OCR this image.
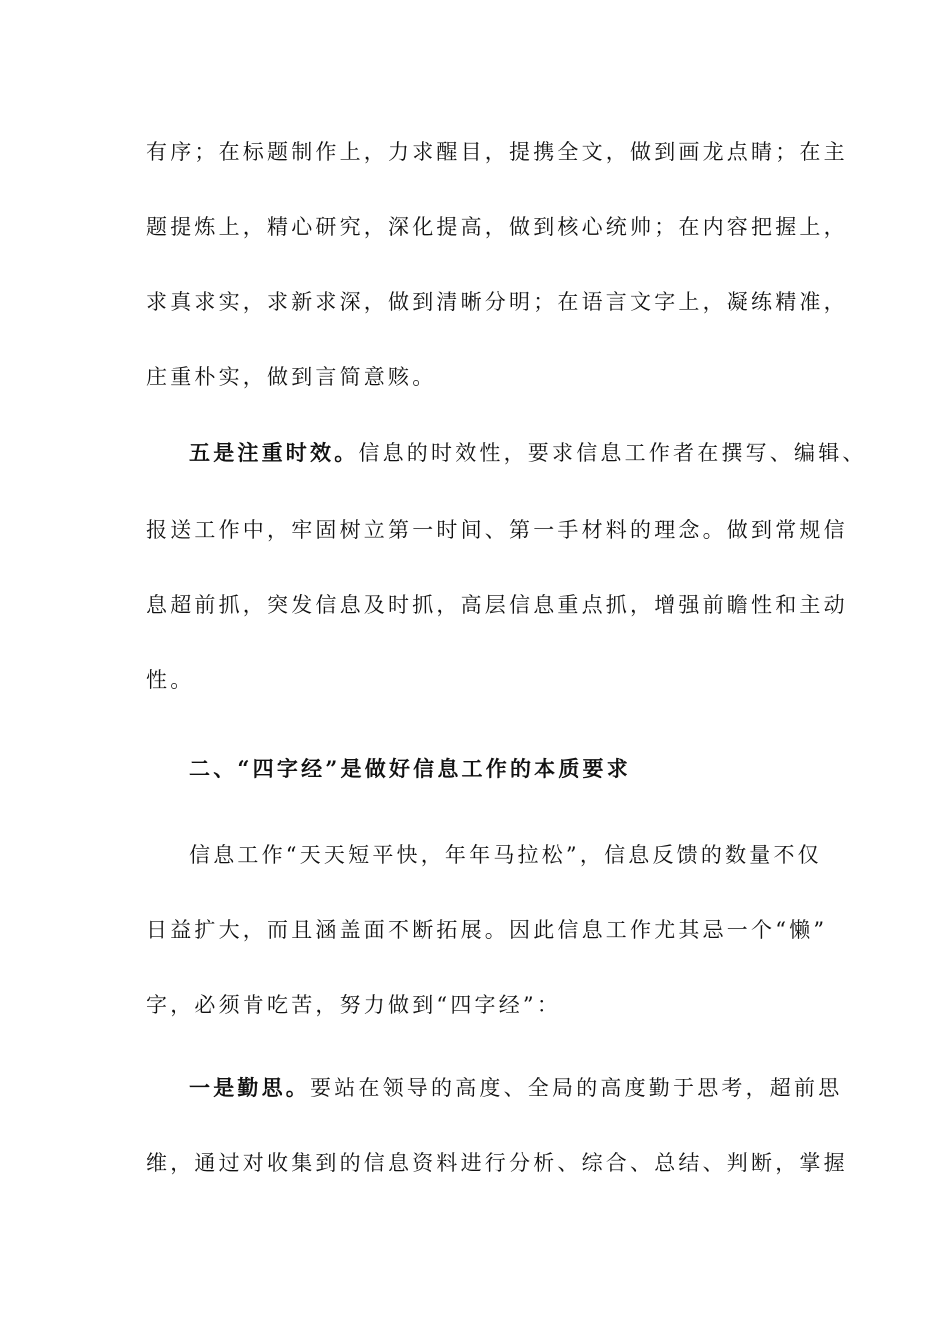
有序；在标题制作上，力求醒目，提携全文，做到画龙点睛；在主
题提炼上，精心研究，深化提高，做到核心统帅；在内容把握上，
求真求实，求新求深，做到清晰分明；在语言文字上，凝练精准，
庄重朴实，做到言简意赅。
五是注重时效。信息的时效性，要求信息工作者在撰写、编辑、
报送工作中，牢固树立第一时间、第一手材料的理念。做到常规信
息超前抓，突发信息及时抓，高层信息重点抓，增强前瞻性和主动
性。
二、“四字经”是做好信息工作的本质要求
信息工作“天天短平快，年年马拉松”，信息反馈的数量不仅
日益扩大，而且涵盖面不断拓展。因此信息工作尤其忌一个“懒”
字，必须肯吃苦，努力做到“四字经”：
一是勤思。要站在领导的高度、全局的高度勤于思考，超前思
维，通过对收集到的信息资料进行分析、综合、总结、判断，掌握
